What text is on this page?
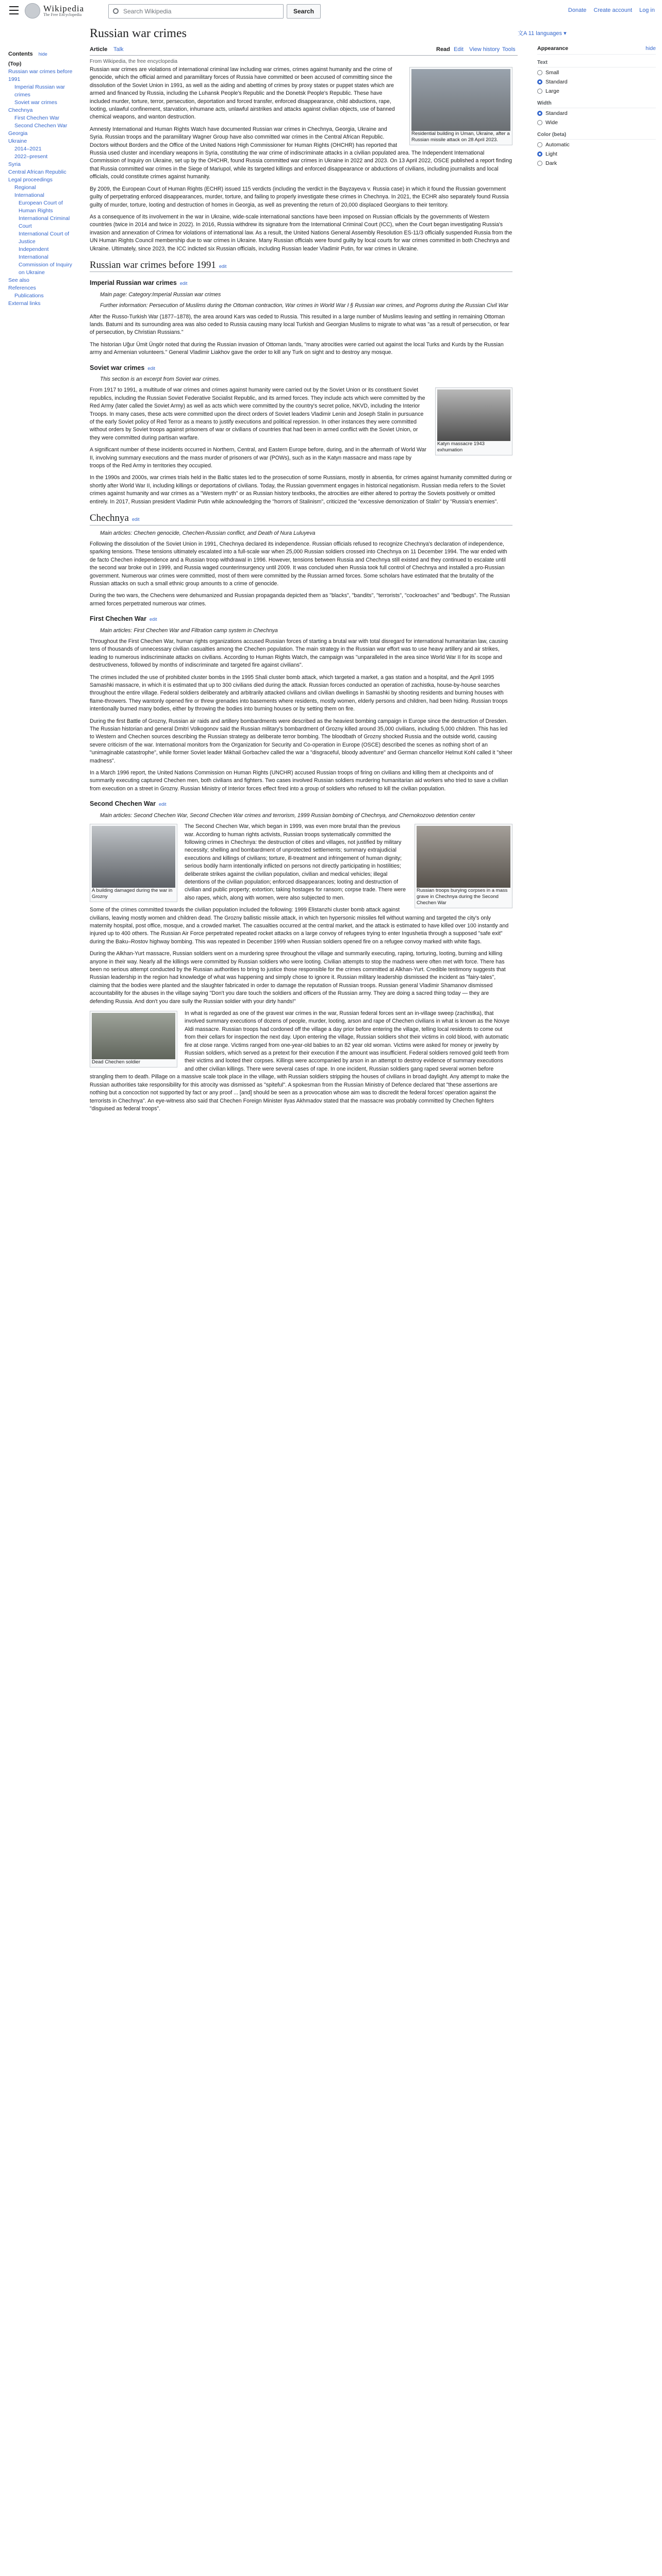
Wikipedia
The Free Encyclopedia	Search Wikipedia	Search	Donate Create account Log in
Contents hide
(Top)
Russian war crimes before 1991
Imperial Russian war crimes
Soviet war crimes
Chechnya
First Chechen War
Second Chechen War
Georgia
Ukraine
2014–2021
2022–present
Syria
Central African Republic
Legal proceedings
Regional
International
European Court of Human Rights
International Criminal Court
International Court of Justice
Independent International Commission of Inquiry on Ukraine
See also
References
Publications
External links
Russian war crimes	文A 11 languages ▾
Article Talk	Read Edit View history Tools
From Wikipedia, the free encyclopedia
Appearance	hide
Text
Small
Standard
Large
Width
Standard
Wide
Color (beta)
Automatic
Light
Dark
Residential building in Uman, Ukraine, after a Russian missile attack on 28 April 2023.

Russian war crimes are violations of international criminal law including war crimes, crimes against humanity and the crime of genocide, which the official armed and paramilitary forces of Russia have committed or been accused of committing since the dissolution of the Soviet Union in 1991, as well as the aiding and abetting of crimes by proxy states or puppet states which are armed and financed by Russia, including the Luhansk People's Republic and the Donetsk People's Republic. These have included murder, torture, terror, persecution, deportation and forced transfer, enforced disappearance, child abductions, rape, looting, unlawful confinement, starvation, inhumane acts, unlawful airstrikes and attacks against civilian objects, use of banned chemical weapons, and wanton destruction.

Amnesty International and Human Rights Watch have documented Russian war crimes in Chechnya, Georgia, Ukraine and Syria. Russian troops and the paramilitary Wagner Group have also committed war crimes in the Central African Republic. Doctors without Borders and the Office of the United Nations High Commissioner for Human Rights (OHCHR) has reported that Russia used cluster and incendiary weapons in Syria, constituting the war crime of indiscriminate attacks in a civilian populated area. The Independent International Commission of Inquiry on Ukraine, set up by the OHCHR, found Russia committed war crimes in Ukraine in 2022 and 2023. On 13 April 2022, OSCE published a report finding that Russia committed war crimes in the Siege of Mariupol, while its targeted killings and enforced disappearance or abductions of civilians, including journalists and local officials, could constitute crimes against humanity.

By 2009, the European Court of Human Rights (ECHR) issued 115 verdicts (including the verdict in the Bayzayeva v. Russia case) in which it found the Russian government guilty of perpetrating enforced disappearances, murder, torture, and failing to properly investigate these crimes in Chechnya. In 2021, the ECHR also separately found Russia guilty of murder, torture, looting and destruction of homes in Georgia, as well as preventing the return of 20,000 displaced Georgians to their territory.

As a consequence of its involvement in the war in Ukraine, wide-scale international sanctions have been imposed on Russian officials by the governments of Western countries (twice in 2014 and twice in 2022). In 2016, Russia withdrew its signature from the International Criminal Court (ICC), when the Court began investigating Russia's invasion and annexation of Crimea for violations of international law. As a result, the United Nations General Assembly Resolution ES-11/3 officially suspended Russia from the UN Human Rights Council membership due to war crimes in Ukraine. Many Russian officials were found guilty by local courts for war crimes committed in both Chechnya and Ukraine. Ultimately, since 2023, the ICC indicted six Russian officials, including Russian leader Vladimir Putin, for war crimes in Ukraine.

Russian war crimes before 1991 edit
Imperial Russian war crimes edit
Main page: Category:Imperial Russian war crimes
Further information: Persecution of Muslims during the Ottoman contraction, War crimes in World War I § Russian war crimes, and Pogroms during the Russian Civil War

After the Russo-Turkish War (1877–1878), the area around Kars was ceded to Russia. This resulted in a large number of Muslims leaving and settling in remaining Ottoman lands. Batumi and its surrounding area was also ceded to Russia causing many local Turkish and Georgian Muslims to migrate to what was "as a result of persecution, or fear of persecution, by Christian Russians."

The historian Uğur Ümit Üngör noted that during the Russian invasion of Ottoman lands, "many atrocities were carried out against the local Turks and Kurds by the Russian army and Armenian volunteers." General Vladimir Liakhov gave the order to kill any Turk on sight and to destroy any mosque.

Soviet war crimes edit
This section is an excerpt from Soviet war crimes.
Katyn massacre 1943 exhumation

From 1917 to 1991, a multitude of war crimes and crimes against humanity were carried out by the Soviet Union or its constituent Soviet republics, including the Russian Soviet Federative Socialist Republic, and its armed forces. They include acts which were committed by the Red Army (later called the Soviet Army) as well as acts which were committed by the country's secret police, NKVD, including the Interior Troops. In many cases, these acts were committed upon the direct orders of Soviet leaders Vladimir Lenin and Joseph Stalin in pursuance of the early Soviet policy of Red Terror as a means to justify executions and political repression. In other instances they were committed without orders by Soviet troops against prisoners of war or civilians of countries that had been in armed conflict with the Soviet Union, or they were committed during partisan warfare.

A significant number of these incidents occurred in Northern, Central, and Eastern Europe before, during, and in the aftermath of World War II, involving summary executions and the mass murder of prisoners of war (POWs), such as in the Katyn massacre and mass rape by troops of the Red Army in territories they occupied.

In the 1990s and 2000s, war crimes trials held in the Baltic states led to the prosecution of some Russians, mostly in absentia, for crimes against humanity committed during or shortly after World War II, including killings or deportations of civilians. Today, the Russian government engages in historical negationism. Russian media refers to the Soviet crimes against humanity and war crimes as a "Western myth" or as Russian history textbooks, the atrocities are either altered to portray the Soviets positively or omitted entirely. In 2017, Russian president Vladimir Putin while acknowledging the "horrors of Stalinism", criticized the "excessive demonization of Stalin" by "Russia's enemies".

Chechnya edit
Main articles: Chechen genocide, Chechen-Russian conflict, and Death of Nura Luluyeva

Following the dissolution of the Soviet Union in 1991, Chechnya declared its independence. Russian officials refused to recognize Chechnya's declaration of independence, sparking tensions. These tensions ultimately escalated into a full-scale war when 25,000 Russian soldiers crossed into Chechnya on 11 December 1994. The war ended with de facto Chechen independence and a Russian troop withdrawal in 1996. However, tensions between Russia and Chechnya still existed and they continued to escalate until the second war broke out in 1999, and Russia waged counterinsurgency until 2009. It was concluded when Russia took full control of Chechnya and installed a pro-Russian government. Numerous war crimes were committed, most of them were committed by the Russian armed forces. Some scholars have estimated that the brutality of the Russian attacks on such a small ethnic group amounts to a crime of genocide.

During the two wars, the Chechens were dehumanized and Russian propaganda depicted them as "blacks", "bandits", "terrorists", "cockroaches" and "bedbugs". The Russian armed forces perpetrated numerous war crimes.

First Chechen War edit
Main articles: First Chechen War and Filtration camp system in Chechnya

Throughout the First Chechen War, human rights organizations accused Russian forces of starting a brutal war with total disregard for international humanitarian law, causing tens of thousands of unnecessary civilian casualties among the Chechen population. The main strategy in the Russian war effort was to use heavy artillery and air strikes, leading to numerous indiscriminate attacks on civilians. According to Human Rights Watch, the campaign was "unparalleled in the area since World War II for its scope and destructiveness, followed by months of indiscriminate and targeted fire against civilians".

The crimes included the use of prohibited cluster bombs in the 1995 Shali cluster bomb attack, which targeted a market, a gas station and a hospital, and the April 1995 Samashki massacre, in which it is estimated that up to 300 civilians died during the attack. Russian forces conducted an operation of zachistka, house-by-house searches throughout the entire village. Federal soldiers deliberately and arbitrarily attacked civilians and civilian dwellings in Samashki by shooting residents and burning houses with flame-throwers. They wantonly opened fire or threw grenades into basements where residents, mostly women, elderly persons and children, had been hiding. Russian troops intentionally burned many bodies, either by throwing the bodies into burning houses or by setting them on fire.

During the first Battle of Grozny, Russian air raids and artillery bombardments were described as the heaviest bombing campaign in Europe since the destruction of Dresden. The Russian historian and general Dmitri Volkogonov said the Russian military's bombardment of Grozny killed around 35,000 civilians, including 5,000 children. This has led to Western and Chechen sources describing the Russian strategy as deliberate terror bombing. The bloodbath of Grozny shocked Russia and the outside world, causing severe criticism of the war. International monitors from the Organization for Security and Co-operation in Europe (OSCE) described the scenes as nothing short of an "unimaginable catastrophe", while former Soviet leader Mikhail Gorbachev called the war a "disgraceful, bloody adventure" and German chancellor Helmut Kohl called it "sheer madness".

In a March 1996 report, the United Nations Commission on Human Rights (UNCHR) accused Russian troops of firing on civilians and killing them at checkpoints and of summarily executing captured Chechen men, both civilians and fighters. Two cases involved Russian soldiers murdering humanitarian aid workers who tried to save a civilian from execution on a street in Grozny. Russian Ministry of Interior forces effect fired into a group of soldiers who refused to kill the civilian population.

Second Chechen War edit
Main articles: Second Chechen War, Second Chechen War crimes and terrorism, 1999 Russian bombing of Chechnya, and Chernokozovo detention center
A building damaged during the war in Grozny
Russian troops burying corpses in a mass grave in Chechnya during the Second Chechen War

The Second Chechen War, which began in 1999, was even more brutal than the previous war. According to human rights activists, Russian troops systematically committed the following crimes in Chechnya: the destruction of cities and villages, not justified by military necessity; shelling and bombardment of unprotected settlements; summary extrajudicial executions and killings of civilians; torture, ill-treatment and infringement of human dignity; serious bodily harm intentionally inflicted on persons not directly participating in hostilities; deliberate strikes against the civilian population, civilian and medical vehicles; illegal detentions of the civilian population; enforced disappearances; looting and destruction of civilian and public property; extortion; taking hostages for ransom; corpse trade. There were also rapes, which, along with women, were also subjected to men.

Some of the crimes committed towards the civilian population included the following: 1999 Elistanzhi cluster bomb attack against civilians, leaving mostly women and children dead. The Grozny ballistic missile attack, in which ten hypersonic missiles fell without warning and targeted the city's only maternity hospital, post office, mosque, and a crowded market. The casualties occurred at the central market, and the attack is estimated to have killed over 100 instantly and injured up to 400 others. The Russian Air Force perpetrated repeated rocket attacks on a large convoy of refugees trying to enter Ingushetia through a supposed "safe exit" during the Baku–Rostov highway bombing. This was repeated in December 1999 when Russian soldiers opened fire on a refugee convoy marked with white flags.

During the Alkhan-Yurt massacre, Russian soldiers went on a murdering spree throughout the village and summarily executing, raping, torturing, looting, burning and killing anyone in their way. Nearly all the killings were committed by Russian soldiers who were looting. Civilian attempts to stop the madness were often met with force. There has been no serious attempt conducted by the Russian authorities to bring to justice those responsible for the crimes committed at Alkhan-Yurt. Credible testimony suggests that Russian leadership in the region had knowledge of what was happening and simply chose to ignore it. Russian military leadership dismissed the incident as "fairy-tales", claiming that the bodies were planted and the slaughter fabricated in order to damage the reputation of Russian troops. Russian general Vladimir Shamanov dismissed accountability for the abuses in the village saying "Don't you dare touch the soldiers and officers of the Russian army. They are doing a sacred thing today — they are defending Russia. And don't you dare sully the Russian soldier with your dirty hands!"

Dead Chechen soldier

In what is regarded as one of the gravest war crimes in the war, Russian federal forces sent an in-village sweep (zachistka), that involved summary executions of dozens of people, murder, looting, arson and rape of Chechen civilians in what is known as the Novye Aldi massacre. Russian troops had cordoned off the village a day prior before entering the village, telling local residents to come out from their cellars for inspection the next day. Upon entering the village, Russian soldiers shot their victims in cold blood, with automatic fire at close range. Victims ranged from one-year-old babies to an 82 year old woman. Victims were asked for money or jewelry by Russian soldiers, which served as a pretext for their execution if the amount was insufficient. Federal soldiers removed gold teeth from their victims and looted their corpses. Killings were accompanied by arson in an attempt to destroy evidence of summary executions and other civilian killings. There were several cases of rape. In one incident, Russian soldiers gang raped several women before strangling them to death. Pillage on a massive scale took place in the village, with Russian soldiers stripping the houses of civilians in broad daylight. Any attempt to make the Russian authorities take responsibility for this atrocity was dismissed as "spiteful". A spokesman from the Russian Ministry of Defence declared that "these assertions are nothing but a concoction not supported by fact or any proof ... [and] should be seen as a provocation whose aim was to discredit the federal forces' operation against the terrorists in Chechnya". An eye-witness also said that Chechen Foreign Minister Ilyas Akhmadov stated that the massacre was probably committed by Chechen fighters "disguised as federal troops".
